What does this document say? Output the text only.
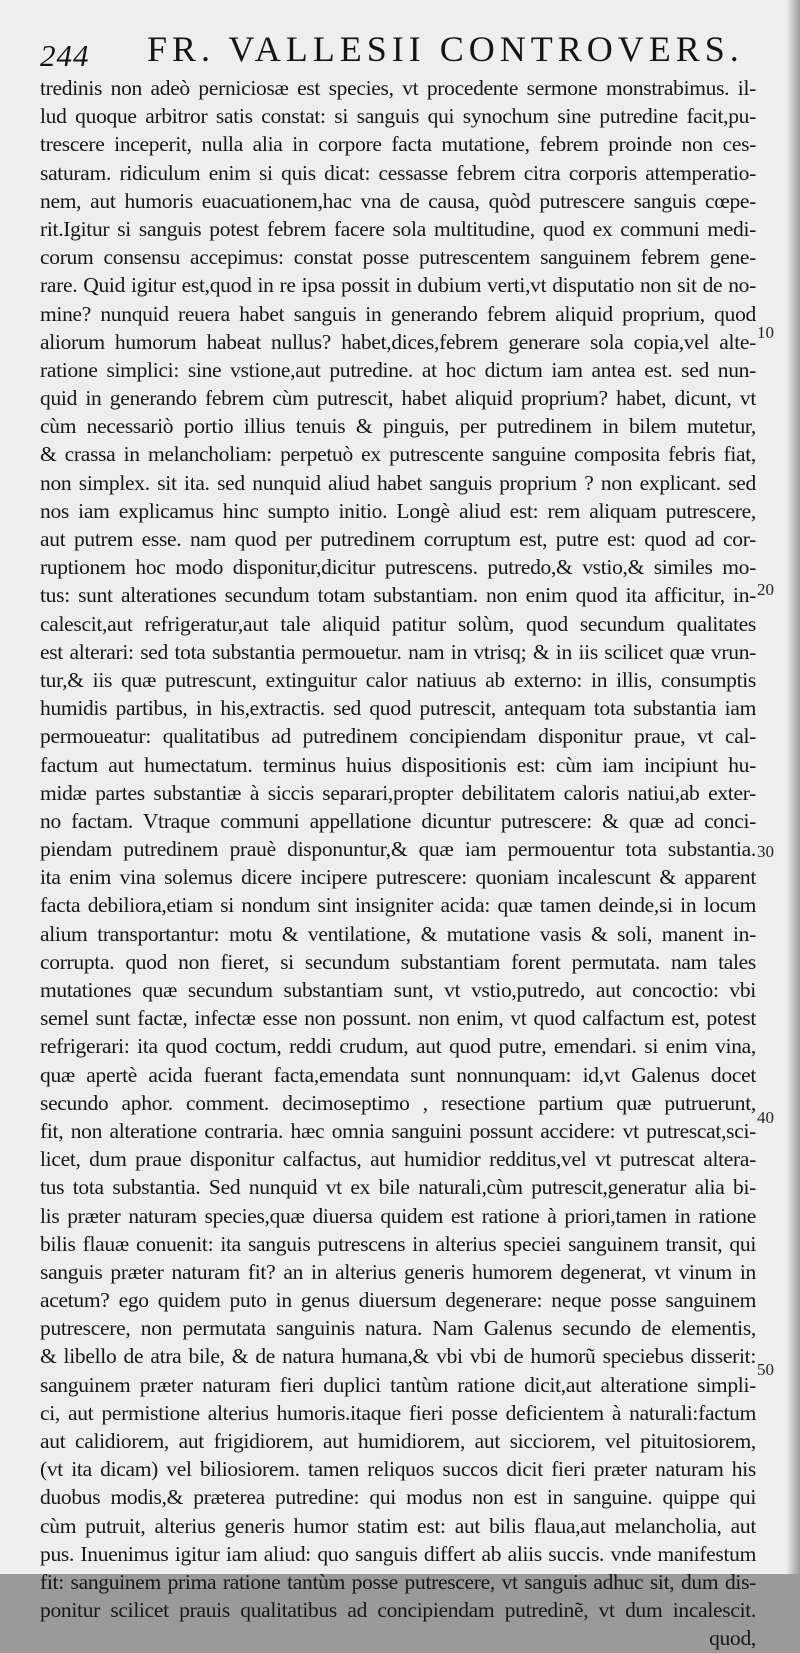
244 FR. VALLESII CONTROVERS.
tredinis non adeò perniciosæ est species, vt procedente sermone monstrabimus. il-
lud quoque arbitror satis constat: si sanguis qui synochum sine putredine facit,pu-
trescere inceperit, nulla alia in corpore facta mutatione, febrem proinde non ces-
saturam. ridiculum enim si quis dicat: cessasse febrem citra corporis attemperatio-
nem, aut humoris euacuationem,hac vna de causa, quòd putrescere sanguis cœpe-
rit.Igitur si sanguis potest febrem facere sola multitudine, quod ex communi medi-
corum consensu accepimus: constat posse putrescentem sanguinem febrem gene-
rare. Quid igitur est,quod in re ipsa possit in dubium verti,vt disputatio non sit de no-
mine? nunquid reuera habet sanguis in generando febrem aliquid proprium, quod
aliorum humorum habeat nullus? habet,dices,febrem generare sola copia,vel alte-
ratione simplici: sine vstione,aut putredine. at hoc dictum iam antea est. sed nun-
quid in generando febrem cùm putrescit, habet aliquid proprium? habet, dicunt, vt
cùm necessariò portio illius tenuis & pinguis, per putredinem in bilem mutetur,
& crassa in melancholiam: perpetuò ex putrescente sanguine composita febris fiat,
non simplex. sit ita. sed nunquid aliud habet sanguis proprium ? non explicant. sed
nos iam explicamus hinc sumpto initio. Longè aliud est: rem aliquam putrescere,
aut putrem esse. nam quod per putredinem corruptum est, putre est: quod ad cor-
ruptionem hoc modo disponitur,dicitur putrescens. putredo,& vstio,& similes mo-
tus: sunt alterationes secundum totam substantiam. non enim quod ita afficitur, in-
calescit,aut refrigeratur,aut tale aliquid patitur solùm, quod secundum qualitates
est alterari: sed tota substantia permouetur. nam in vtrisq; & in iis scilicet quæ vrun-
tur,& iis quæ putrescunt, extinguitur calor natiuus ab externo: in illis, consumptis
humidis partibus, in his,extractis. sed quod putrescit, antequam tota substantia iam
permoueatur: qualitatibus ad putredinem concipiendam disponitur praue, vt cal-
factum aut humectatum. terminus huius dispositionis est: cùm iam incipiunt hu-
midæ partes substantiæ à siccis separari,propter debilitatem caloris natiui,ab exter-
no factam. Vtraque communi appellatione dicuntur putrescere: & quæ ad conci-
piendam putredinem prauè disponuntur,& quæ iam permouentur tota substantia.
ita enim vina solemus dicere incipere putrescere: quoniam incalescunt & apparent
facta debiliora,etiam si nondum sint insigniter acida: quæ tamen deinde,si in locum
alium transportantur: motu & ventilatione, & mutatione vasis & soli, manent in-
corrupta. quod non fieret, si secundum substantiam forent permutata. nam tales
mutationes quæ secundum substantiam sunt, vt vstio,putredo, aut concoctio: vbi
semel sunt factæ, infectæ esse non possunt. non enim, vt quod calfactum est, potest
refrigerari: ita quod coctum, reddi crudum, aut quod putre, emendari. si enim vina,
quæ apertè acida fuerant facta,emendata sunt nonnunquam: id,vt Galenus docet
secundo aphor. comment. decimoseptimo , resectione partium quæ putruerunt,
fit, non alteratione contraria. hæc omnia sanguini possunt accidere: vt putrescat,sci-
licet, dum praue disponitur calfactus, aut humidior redditus,vel vt putrescat altera-
tus tota substantia. Sed nunquid vt ex bile naturali,cùm putrescit,generatur alia bi-
lis præter naturam species,quæ diuersa quidem est ratione à priori,tamen in ratione
bilis flauæ conuenit: ita sanguis putrescens in alterius speciei sanguinem transit, qui
sanguis præter naturam fit? an in alterius generis humorem degenerat, vt vinum in
acetum? ego quidem puto in genus diuersum degenerare: neque posse sanguinem
putrescere, non permutata sanguinis natura. Nam Galenus secundo de elementis,
& libello de atra bile, & de natura humana,& vbi vbi de humorũ speciebus disserit:
sanguinem præter naturam fieri duplici tantùm ratione dicit,aut alteratione simpli-
ci, aut permistione alterius humoris.itaque fieri posse deficientem à naturali:factum
aut calidiorem, aut frigidiorem, aut humidiorem, aut sicciorem, vel pituitosiorem,
(vt ita dicam) vel biliosiorem. tamen reliquos succos dicit fieri præter naturam his
duobus modis,& præterea putredine: qui modus non est in sanguine. quippe qui
cùm putruit, alterius generis humor statim est: aut bilis flaua,aut melancholia, aut
pus. Inuenimus igitur iam aliud: quo sanguis differt ab aliis succis. vnde manifestum
fit: sanguinem prima ratione tantùm posse putrescere, vt sanguis adhuc sit, dum dis-
ponitur scilicet prauis qualitatibus ad concipiendam putredinẽ, vt dum incalescit.
quod,
10
20
30
40
50
